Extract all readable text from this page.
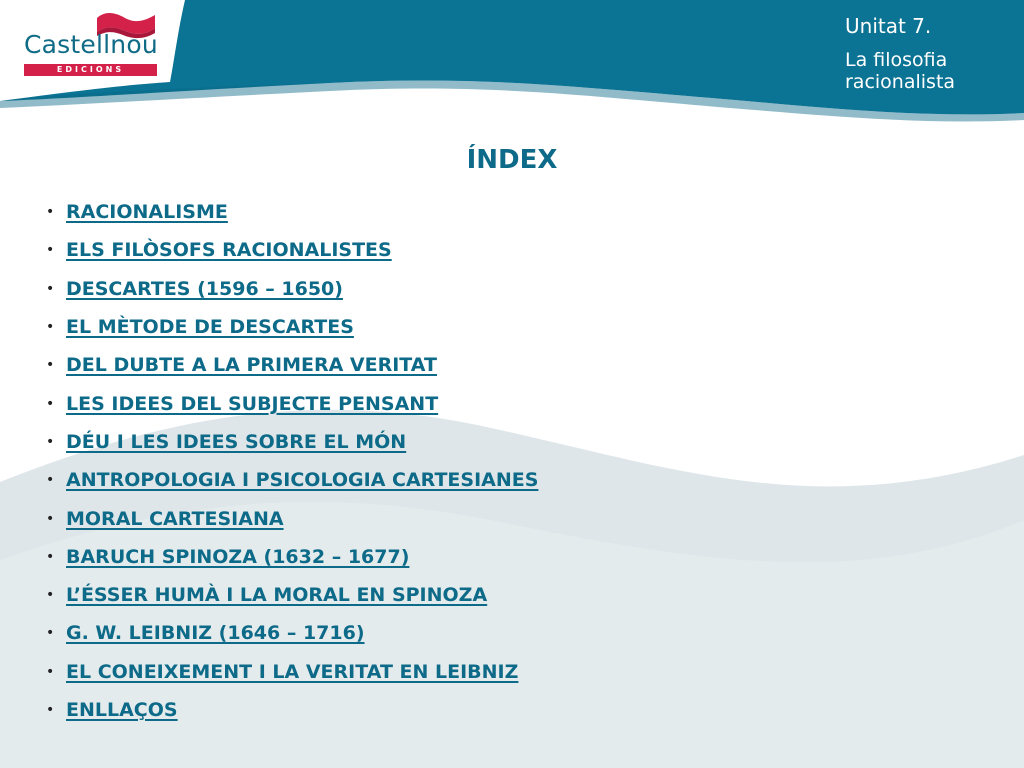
Castellnou
EDICIONS
Unitat 7.
La filosofia racionalista
ÍNDEX
• RACIONALISME
• ELS FILÒSOFS RACIONALISTES
• DESCARTES (1596 – 1650)
• EL MÈTODE DE DESCARTES
• DEL DUBTE A LA PRIMERA VERITAT
• LES IDEES DEL SUBJECTE PENSANT
• DÉU I LES IDEES SOBRE EL MÓN
• ANTROPOLOGIA I PSICOLOGIA CARTESIANES
• MORAL CARTESIANA
• BARUCH SPINOZA (1632 – 1677)
• L’ÉSSER HUMÀ I LA MORAL EN SPINOZA
• G. W. LEIBNIZ (1646 – 1716)
• EL CONEIXEMENT I LA VERITAT EN LEIBNIZ
• ENLLAÇOS
